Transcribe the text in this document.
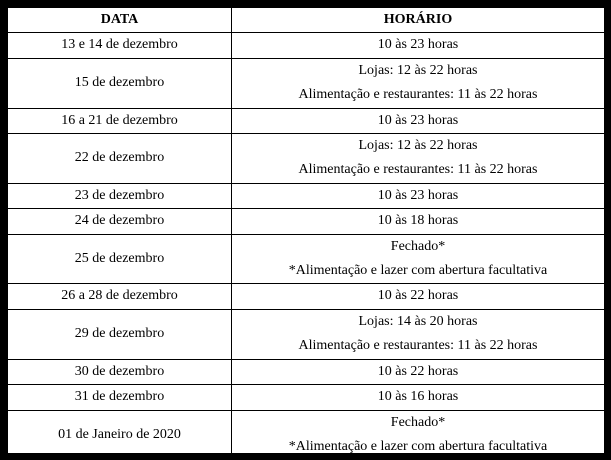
DATA	HORÁRIO
13 e 14 de dezembro	10 às 23 horas

15 de dezembro	Lojas: 12 às 22 horas
Alimentação e restaurantes: 11 às 22 horas

16 a 21 de dezembro	10 às 23 horas

22 de dezembro	Lojas: 12 às 22 horas
Alimentação e restaurantes: 11 às 22 horas

23 de dezembro	10 às 23 horas

24 de dezembro	10 às 18 horas

25 de dezembro	Fechado*
*Alimentação e lazer com abertura facultativa

26 a 28 de dezembro	10 às 22 horas

29 de dezembro	Lojas: 14 às 20 horas
Alimentação e restaurantes: 11 às 22 horas

30 de dezembro	10 às 22 horas

31 de dezembro	10 às 16 horas

01 de Janeiro de 2020	Fechado*
*Alimentação e lazer com abertura facultativa
